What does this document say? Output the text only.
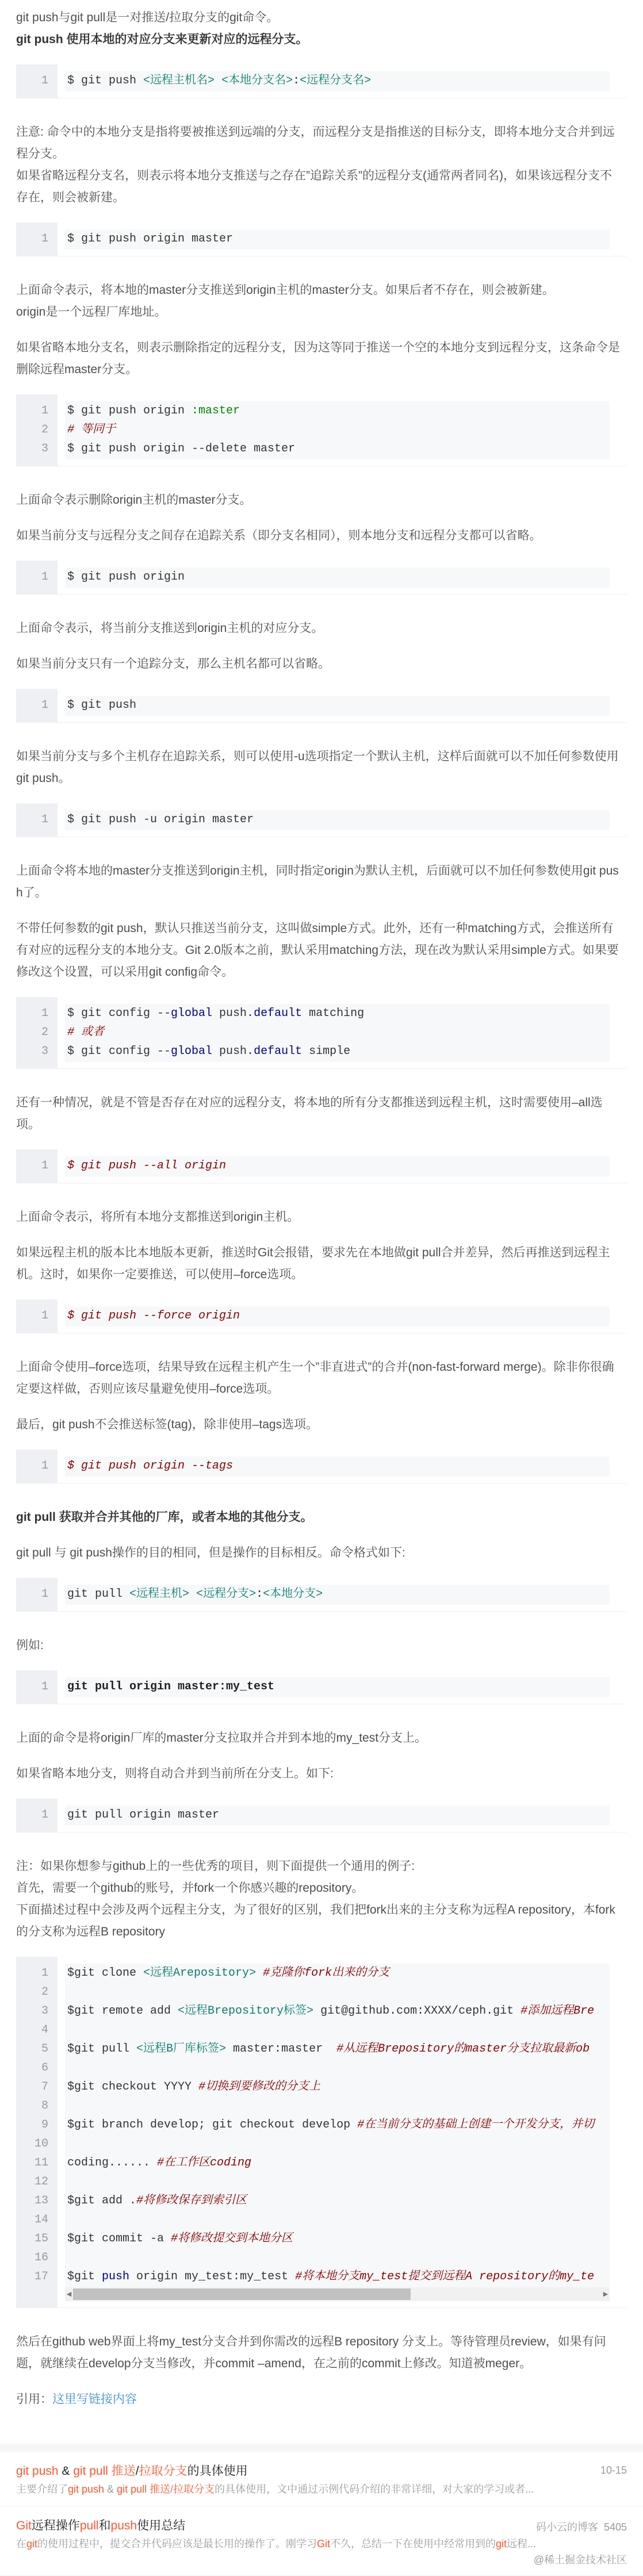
git push与git pull是一对推送/拉取分支的git命令。

git push 使用本地的对应分支来更新对应的远程分支。

1	$ git push <远程主机名> <本地分支名>:<远程分支名>

注意: 命令中的本地分支是指将要被推送到远端的分支，而远程分支是指推送的目标分支，即将本地分支合并到远程分支。
如果省略远程分支名，则表示将本地分支推送与之存在”追踪关系”的远程分支(通常两者同名)，如果该远程分支不存在，则会被新建。

1	$ git push origin master

上面命令表示，将本地的master分支推送到origin主机的master分支。如果后者不存在，则会被新建。
origin是一个远程厂库地址。

如果省略本地分支名，则表示删除指定的远程分支，因为这等同于推送一个空的本地分支到远程分支，这条命令是删除远程master分支。

1
2
3
$ git push origin :master
# 等同于
$ git push origin --delete master

上面命令表示删除origin主机的master分支。

如果当前分支与远程分支之间存在追踪关系（即分支名相同），则本地分支和远程分支都可以省略。

1	$ git push origin

上面命令表示，将当前分支推送到origin主机的对应分支。

如果当前分支只有一个追踪分支，那么主机名都可以省略。

1	$ git push

如果当前分支与多个主机存在追踪关系，则可以使用-u选项指定一个默认主机，这样后面就可以不加任何参数使用git push。

1	$ git push -u origin master

上面命令将本地的master分支推送到origin主机，同时指定origin为默认主机，后面就可以不加任何参数使用git push了。

不带任何参数的git push，默认只推送当前分支，这叫做simple方式。此外，还有一种matching方式，会推送所有有对应的远程分支的本地分支。Git 2.0版本之前，默认采用matching方法，现在改为默认采用simple方式。如果要修改这个设置，可以采用git config命令。

1
2
3
$ git config --global push.default matching
# 或者
$ git config --global push.default simple

还有一种情况，就是不管是否存在对应的远程分支，将本地的所有分支都推送到远程主机，这时需要使用–all选项。

1	$ git push --all origin

上面命令表示，将所有本地分支都推送到origin主机。

如果远程主机的版本比本地版本更新，推送时Git会报错，要求先在本地做git pull合并差异，然后再推送到远程主机。这时，如果你一定要推送，可以使用–force选项。

1	$ git push --force origin

上面命令使用–force选项，结果导致在远程主机产生一个”非直进式”的合并(non-fast-forward merge)。除非你很确定要这样做，否则应该尽量避免使用–force选项。

最后，git push不会推送标签(tag)，除非使用–tags选项。

1	$ git push origin --tags

git pull 获取并合并其他的厂库，或者本地的其他分支。

git pull 与 git push操作的目的相同，但是操作的目标相反。命令格式如下:

1	git pull <远程主机> <远程分支>:<本地分支>

例如:

1	git pull origin master:my_test

上面的命令是将origin厂库的master分支拉取并合并到本地的my_test分支上。

如果省略本地分支，则将自动合并到当前所在分支上。如下:

1	git pull origin master

注：如果你想参与github上的一些优秀的项目，则下面提供一个通用的例子:
首先，需要一个github的账号，并fork一个你感兴趣的repository。
下面描述过程中会涉及两个远程主分支，为了很好的区别，我们把fork出来的主分支称为远程A repository，本fork的分支称为远程B repository

1
2
3
4
5
6
7
8
9
10
11
12
13
14
15
16
17
$git clone <远程Arepository> #克隆你fork出来的分支
$git remote add <远程Brepository标签> git@github.com:XXXX/ceph.git #添加远程Bre
$git pull <远程B厂库标签> master:master  #从远程Brepository的master分支拉取最新ob
$git checkout YYYY #切换到要修改的分支上
$git branch develop; git checkout develop #在当前分支的基础上创建一个开发分支，并切
coding...... #在工作区coding
$git add .#将修改保存到索引区
$git commit -a #将修改提交到本地分区
$git push origin my_test:my_test #将本地分支my_test提交到远程A repository的my_te
◀	▶

然后在github web界面上将my_test分支合并到你需改的远程B repository 分支上。等待管理员review，如果有问题，就继续在develop分支当修改，并commit –amend，在之前的commit上修改。知道被meger。

引用：这里写链接内容

git push & git pull 推送/拉取分支的具体使用	10-15
主要介绍了git push & git pull 推送/拉取分支的具体使用，文中通过示例代码介绍的非常详细，对大家的学习或者...
Git远程操作pull和push使用总结	码小云的博客 5405
在git的使用过程中，提交合并代码应该是最长用的操作了。刚学习Git不久，总结一下在使用中经常用到的git远程...
@稀土掘金技术社区
